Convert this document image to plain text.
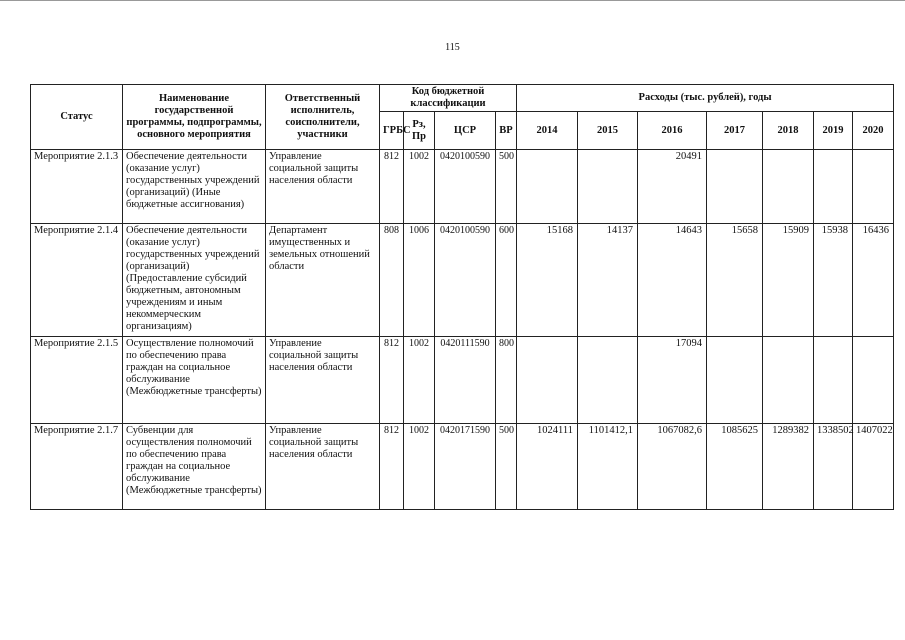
115
Статус	Наименование государственной программы, подпрограммы, основного мероприятия	Ответственный исполнитель, соисполнители, участники	Код бюджетной классификации				Расходы (тыс. рублей), годы						
			ГРБС	Рз, Пр	ЦСР	ВР	2014	2015	2016	2017	2018	2019	2020
Мероприятие 2.1.3	Обеспечение деятельности (оказание услуг) государственных учреждений (организаций) (Иные бюджетные ассигнования)	Управление социальной защиты населения области	812	1002	0420100590	500			20491				
Мероприятие 2.1.4	Обеспечение деятельности (оказание услуг) государственных учреждений (организаций) (Предоставление субсидий бюджетным, автономным учреждениям и иным некоммерческим организациям)	Департамент имущественных и земельных отношений области	808	1006	0420100590	600	15168	14137	14643	15658	15909	15938	16436
Мероприятие 2.1.5	Осуществление полномочий по обеспечению права граждан на социальное обслуживание (Межбюджетные трансферты)	Управление социальной защиты населения области	812	1002	0420111590	800			17094				
Мероприятие 2.1.7	Субвенции для осуществления полномочий по обеспечению права граждан на социальное обслуживание (Межбюджетные трансферты)	Управление социальной защиты населения области	812	1002	0420171590	500	1024111	1101412,1	1067082,6	1085625	1289382	1338502	1407022
